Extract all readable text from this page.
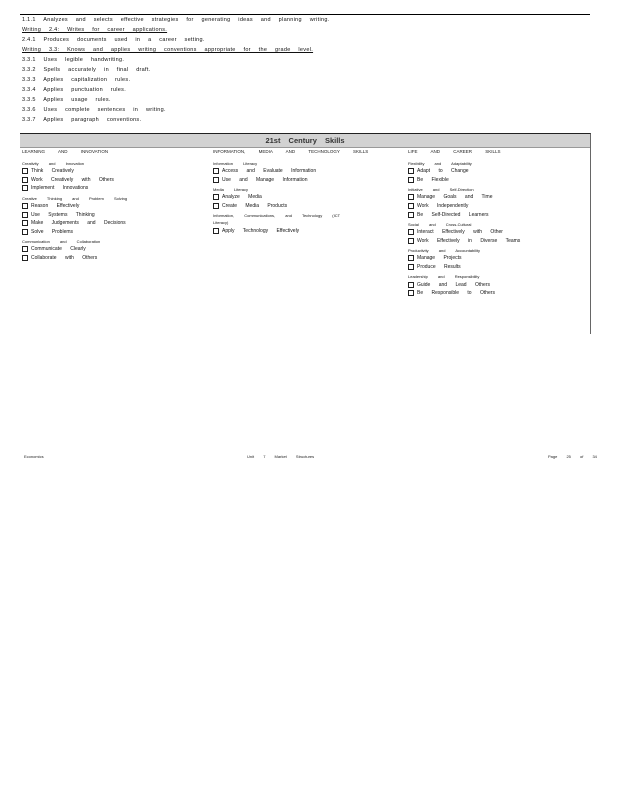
1.1.1 Analyzes and selects effective strategies for generating ideas and planning writing.
Writing 2.4: Writes for career applications.
2.4.1 Produces documents used in a career setting.
Writing 3.3: Knows and applies writing conventions appropriate for the grade level.
3.3.1 Uses legible handwriting.
3.3.2 Spells accurately in final draft.
3.3.3 Applies capitalization rules.
3.3.4 Applies punctuation rules.
3.3.5 Applies usage rules.
3.3.6 Uses complete sentences in writing.
3.3.7 Applies paragraph conventions.
21st Century Skills
LEARNING AND INNOVATION
Creativity and Innovation
Think Creatively
Work Creatively with Others
Implement Innovations
Creative Thinking and Problem Solving
Reason Effectively
Use Systems Thinking
Make Judgements and Decisions
Solve Problems
Communication and Collaboration
Communicate Clearly
Collaborate with Others
INFORMATION, MEDIA AND TECHNOLOGY SKILLS
Information Literacy
Access and Evaluate Information
Use and Manage Information
Media Literacy
Analyze Media
Create Media Products
Information, Communications, and Technology (ICT Literacy)
Apply Technology Effectively
LIFE AND CAREER SKILLS
Flexibility and Adaptability
Adapt to Change
Be Flexible
Initiative and Self-Direction
Manage Goals and Time
Work Independently
Be Self-Directed Learners
Social and Cross-Cultural
Interact Effectively with Other
Work Effectively in Diverse Teams
Productivity and Accountability
Manage Projects
Produce Results
Leadership and Responsibility
Guide and Lead Others
Be Responsible to Others
Economics	Unit 7 Market Structures	Page 25 of 34
